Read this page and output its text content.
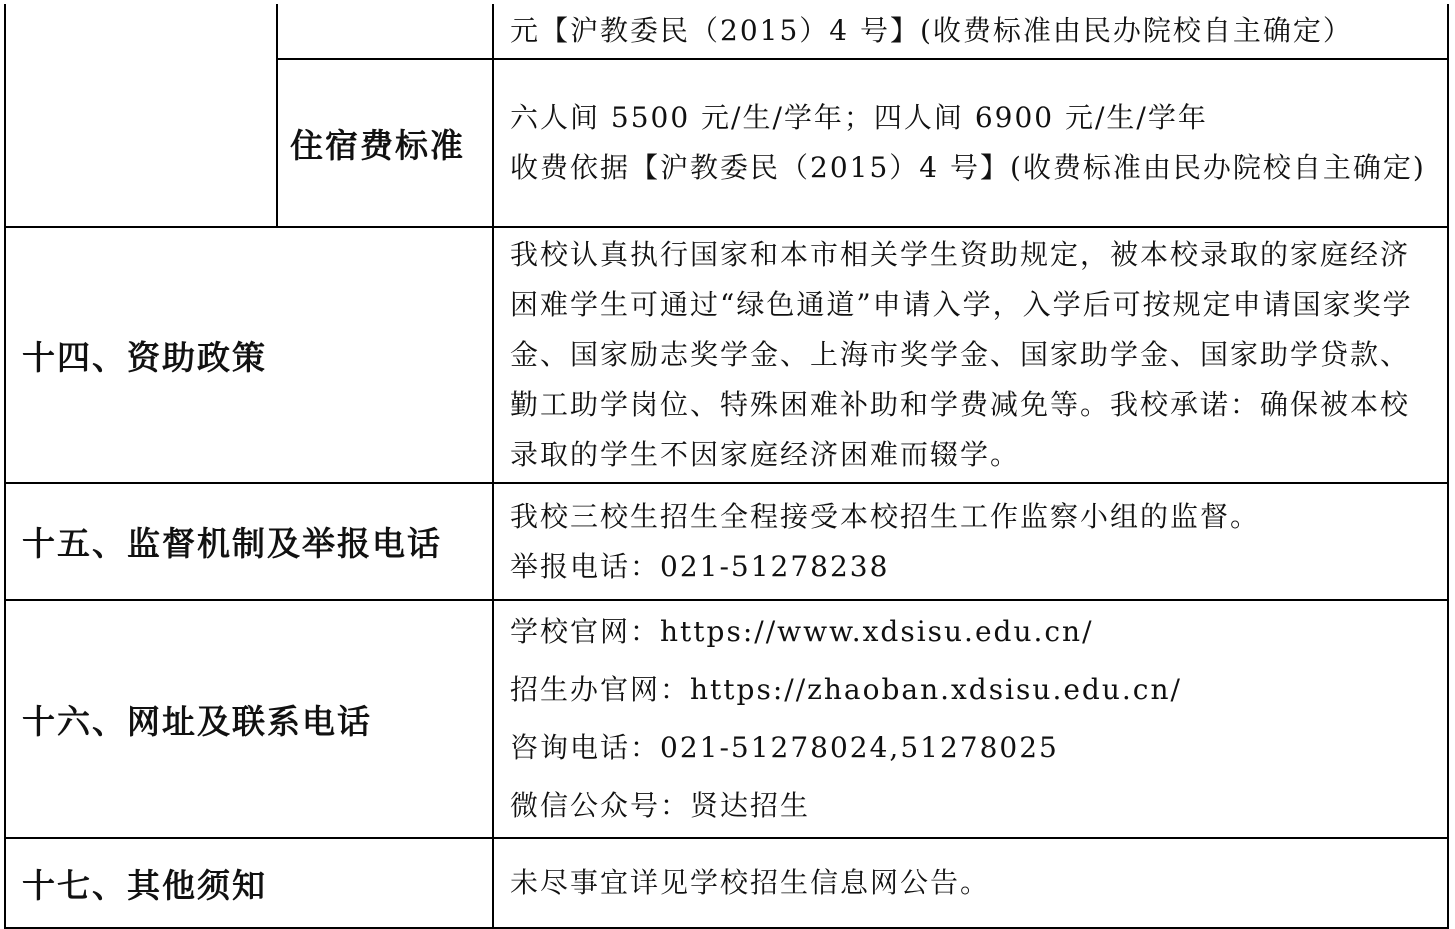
		元【沪教委民（2015）4 号】(收费标准由民办院校自主确定）
	住宿费标准	六人间 5500 元/生/学年；四人间 6900 元/生/学年

收费依据【沪教委民（2015）4 号】(收费标准由民办院校自主确定)

十四、资助政策		我校认真执行国家和本市相关学生资助规定，被本校录取的家庭经济困难学生可通过“绿色通道”申请入学，入学后可按规定申请国家奖学金、国家励志奖学金、上海市奖学金、国家助学金、国家助学贷款、勤工助学岗位、特殊困难补助和学费减免等。我校承诺：确保被本校录取的学生不因家庭经济困难而辍学。
十五、监督机制及举报电话		我校三校生招生全程接受本校招生工作监察小组的监督。

举报电话：021-51278238

十六、网址及联系电话		学校官网：https://www.xdsisu.edu.cn/

招生办官网：https://zhaoban.xdsisu.edu.cn/

咨询电话：021-51278024,51278025

微信公众号：贤达招生

十七、其他须知		未尽事宜详见学校招生信息网公告。
